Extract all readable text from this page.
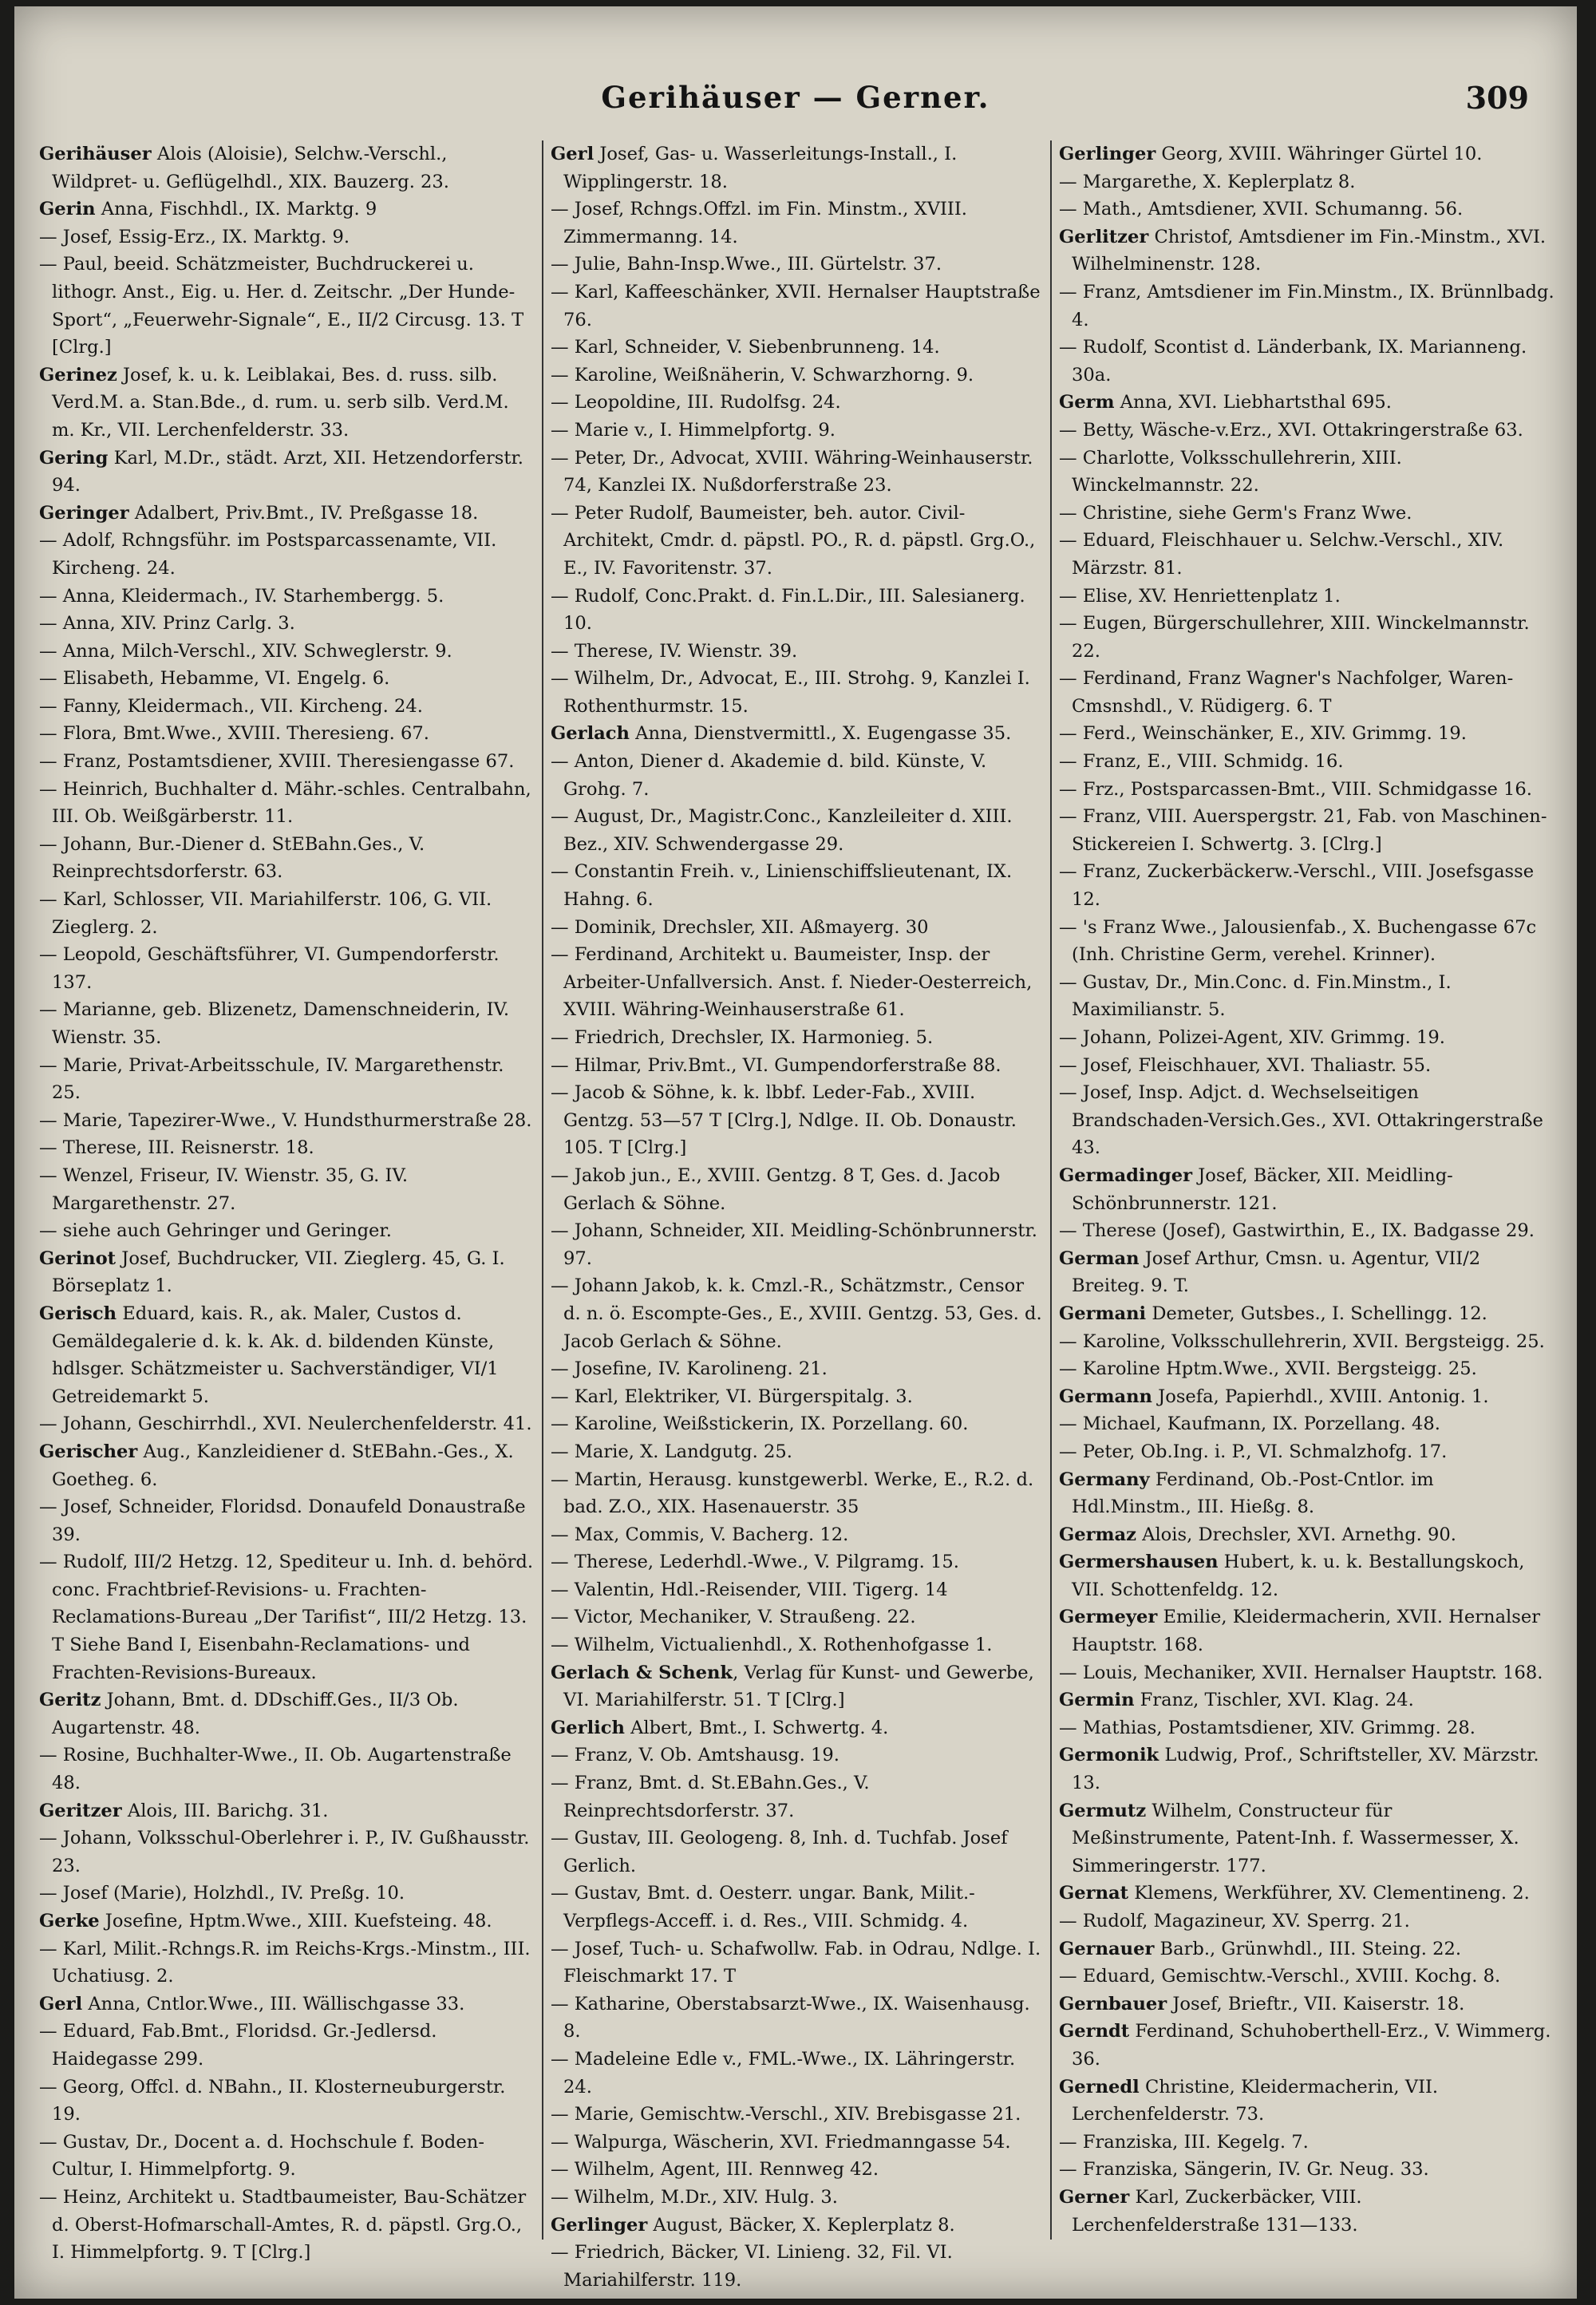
Gerihäuser — Gerner.	309

Gerihäuser Alois (Aloisie), Selchw.-Verschl., Wildpret- u. Geflügelhdl., XIX. Bauzerg. 23.

Gerin Anna, Fischhdl., IX. Marktg. 9

— Josef, Essig-Erz., IX. Marktg. 9.

— Paul, beeid. Schätzmeister, Buchdruckerei u. lithogr. Anst., Eig. u. Her. d. Zeitschr. „Der Hunde-Sport“, „Feuerwehr-Signale“, E., II/2 Circusg. 13. T [Clrg.]

Gerinez Josef, k. u. k. Leiblakai, Bes. d. russ. silb. Verd.M. a. Stan.Bde., d. rum. u. serb silb. Verd.M. m. Kr., VII. Lerchenfelderstr. 33.

Gering Karl, M.Dr., städt. Arzt, XII. Hetzendorferstr. 94.

Geringer Adalbert, Priv.Bmt., IV. Preßgasse 18.

— Adolf, Rchngsführ. im Postsparcassenamte, VII. Kircheng. 24.

— Anna, Kleidermach., IV. Starhembergg. 5.

— Anna, XIV. Prinz Carlg. 3.

— Anna, Milch-Verschl., XIV. Schweglerstr. 9.

— Elisabeth, Hebamme, VI. Engelg. 6.

— Fanny, Kleidermach., VII. Kircheng. 24.

— Flora, Bmt.Wwe., XVIII. Theresieng. 67.

— Franz, Postamtsdiener, XVIII. Theresiengasse 67.

— Heinrich, Buchhalter d. Mähr.-schles. Centralbahn, III. Ob. Weißgärberstr. 11.

— Johann, Bur.-Diener d. StEBahn.Ges., V. Reinprechtsdorferstr. 63.

— Karl, Schlosser, VII. Mariahilferstr. 106, G. VII. Zieglerg. 2.

— Leopold, Geschäftsführer, VI. Gumpendorferstr. 137.

— Marianne, geb. Blizenetz, Damenschneiderin, IV. Wienstr. 35.

— Marie, Privat-Arbeitsschule, IV. Margarethenstr. 25.

— Marie, Tapezirer-Wwe., V. Hundsthurmerstraße 28.

— Therese, III. Reisnerstr. 18.

— Wenzel, Friseur, IV. Wienstr. 35, G. IV. Margarethenstr. 27.

— siehe auch Gehringer und Geringer.

Gerinot Josef, Buchdrucker, VII. Zieglerg. 45, G. I. Börseplatz 1.

Gerisch Eduard, kais. R., ak. Maler, Custos d. Gemäldegalerie d. k. k. Ak. d. bildenden Künste, hdlsger. Schätzmeister u. Sachverständiger, VI/1 Getreidemarkt 5.

— Johann, Geschirrhdl., XVI. Neulerchenfelderstr. 41.

Gerischer Aug., Kanzleidiener d. StEBahn.-Ges., X. Goetheg. 6.

— Josef, Schneider, Floridsd. Donaufeld Donaustraße 39.

— Rudolf, III/2 Hetzg. 12, Spediteur u. Inh. d. behörd. conc. Frachtbrief-Revisions- u. Frachten-Reclamations-Bureau „Der Tarifist“, III/2 Hetzg. 13. T Siehe Band I, Eisenbahn-Reclamations- und Frachten-Revisions-Bureaux.

Geritz Johann, Bmt. d. DDschiff.Ges., II/3 Ob. Augartenstr. 48.

— Rosine, Buchhalter-Wwe., II. Ob. Augartenstraße 48.

Geritzer Alois, III. Barichg. 31.

— Johann, Volksschul-Oberlehrer i. P., IV. Gußhausstr. 23.

— Josef (Marie), Holzhdl., IV. Preßg. 10.

Gerke Josefine, Hptm.Wwe., XIII. Kuefsteing. 48.

— Karl, Milit.-Rchngs.R. im Reichs-Krgs.-Minstm., III. Uchatiusg. 2.

Gerl Anna, Cntlor.Wwe., III. Wällischgasse 33.

— Eduard, Fab.Bmt., Floridsd. Gr.-Jedlersd. Haidegasse 299.

— Georg, Offcl. d. NBahn., II. Klosterneuburgerstr. 19.

— Gustav, Dr., Docent a. d. Hochschule f. Boden-Cultur, I. Himmelpfortg. 9.

— Heinz, Architekt u. Stadtbaumeister, Bau-Schätzer d. Oberst-Hofmarschall-Amtes, R. d. päpstl. Grg.O., I. Himmelpfortg. 9. T [Clrg.]

Gerl Josef, Gas- u. Wasserleitungs-Install., I. Wipplingerstr. 18.

— Josef, Rchngs.Offzl. im Fin. Minstm., XVIII. Zimmermanng. 14.

— Julie, Bahn-Insp.Wwe., III. Gürtelstr. 37.

— Karl, Kaffeeschänker, XVII. Hernalser Hauptstraße 76.

— Karl, Schneider, V. Siebenbrunneng. 14.

— Karoline, Weißnäherin, V. Schwarzhorng. 9.

— Leopoldine, III. Rudolfsg. 24.

— Marie v., I. Himmelpfortg. 9.

— Peter, Dr., Advocat, XVIII. Währing-Weinhauserstr. 74, Kanzlei IX. Nußdorferstraße 23.

— Peter Rudolf, Baumeister, beh. autor. Civil-Architekt, Cmdr. d. päpstl. PO., R. d. päpstl. Grg.O., E., IV. Favoritenstr. 37.

— Rudolf, Conc.Prakt. d. Fin.L.Dir., III. Salesianerg. 10.

— Therese, IV. Wienstr. 39.

— Wilhelm, Dr., Advocat, E., III. Strohg. 9, Kanzlei I. Rothenthurmstr. 15.

Gerlach Anna, Dienstvermittl., X. Eugengasse 35.

— Anton, Diener d. Akademie d. bild. Künste, V. Grohg. 7.

— August, Dr., Magistr.Conc., Kanzleileiter d. XIII. Bez., XIV. Schwendergasse 29.

— Constantin Freih. v., Linienschiffslieutenant, IX. Hahng. 6.

— Dominik, Drechsler, XII. Aßmayerg. 30

— Ferdinand, Architekt u. Baumeister, Insp. der Arbeiter-Unfallversich. Anst. f. Nieder-Oesterreich, XVIII. Währing-Weinhauserstraße 61.

— Friedrich, Drechsler, IX. Harmonieg. 5.

— Hilmar, Priv.Bmt., VI. Gumpendorferstraße 88.

— Jacob & Söhne, k. k. lbbf. Leder-Fab., XVIII. Gentzg. 53—57 T [Clrg.], Ndlge. II. Ob. Donaustr. 105. T [Clrg.]

— Jakob jun., E., XVIII. Gentzg. 8 T, Ges. d. Jacob Gerlach & Söhne.

— Johann, Schneider, XII. Meidling-Schönbrunnerstr. 97.

— Johann Jakob, k. k. Cmzl.-R., Schätzmstr., Censor d. n. ö. Escompte-Ges., E., XVIII. Gentzg. 53, Ges. d. Jacob Gerlach & Söhne.

— Josefine, IV. Karolineng. 21.

— Karl, Elektriker, VI. Bürgerspitalg. 3.

— Karoline, Weißstickerin, IX. Porzellang. 60.

— Marie, X. Landgutg. 25.

— Martin, Herausg. kunstgewerbl. Werke, E., R.2. d. bad. Z.O., XIX. Hasenauerstr. 35

— Max, Commis, V. Bacherg. 12.

— Therese, Lederhdl.-Wwe., V. Pilgramg. 15.

— Valentin, Hdl.-Reisender, VIII. Tigerg. 14

— Victor, Mechaniker, V. Straußeng. 22.

— Wilhelm, Victualienhdl., X. Rothenhofgasse 1.

Gerlach & Schenk, Verlag für Kunst- und Gewerbe, VI. Mariahilferstr. 51. T [Clrg.]

Gerlich Albert, Bmt., I. Schwertg. 4.

— Franz, V. Ob. Amtshausg. 19.

— Franz, Bmt. d. St.EBahn.Ges., V. Reinprechtsdorferstr. 37.

— Gustav, III. Geologeng. 8, Inh. d. Tuchfab. Josef Gerlich.

— Gustav, Bmt. d. Oesterr. ungar. Bank, Milit.-Verpflegs-Acceff. i. d. Res., VIII. Schmidg. 4.

— Josef, Tuch- u. Schafwollw. Fab. in Odrau, Ndlge. I. Fleischmarkt 17. T

— Katharine, Oberstabsarzt-Wwe., IX. Waisenhausg. 8.

— Madeleine Edle v., FML.-Wwe., IX. Lähringerstr. 24.

— Marie, Gemischtw.-Verschl., XIV. Brebisgasse 21.

— Walpurga, Wäscherin, XVI. Friedmanngasse 54.

— Wilhelm, Agent, III. Rennweg 42.

— Wilhelm, M.Dr., XIV. Hulg. 3.

Gerlinger August, Bäcker, X. Keplerplatz 8.

— Friedrich, Bäcker, VI. Linieng. 32, Fil. VI. Mariahilferstr. 119.

Gerlinger Georg, XVIII. Währinger Gürtel 10.

— Margarethe, X. Keplerplatz 8.

— Math., Amtsdiener, XVII. Schumanng. 56.

Gerlitzer Christof, Amtsdiener im Fin.-Minstm., XVI. Wilhelminenstr. 128.

— Franz, Amtsdiener im Fin.Minstm., IX. Brünnlbadg. 4.

— Rudolf, Scontist d. Länderbank, IX. Marianneng. 30a.

Germ Anna, XVI. Liebhartsthal 695.

— Betty, Wäsche-v.Erz., XVI. Ottakringerstraße 63.

— Charlotte, Volksschullehrerin, XIII. Winckelmannstr. 22.

— Christine, siehe Germ's Franz Wwe.

— Eduard, Fleischhauer u. Selchw.-Verschl., XIV. Märzstr. 81.

— Elise, XV. Henriettenplatz 1.

— Eugen, Bürgerschullehrer, XIII. Winckelmannstr. 22.

— Ferdinand, Franz Wagner's Nachfolger, Waren-Cmsnshdl., V. Rüdigerg. 6. T

— Ferd., Weinschänker, E., XIV. Grimmg. 19.

— Franz, E., VIII. Schmidg. 16.

— Frz., Postsparcassen-Bmt., VIII. Schmidgasse 16.

— Franz, VIII. Auerspergstr. 21, Fab. von Maschinen-Stickereien I. Schwertg. 3. [Clrg.]

— Franz, Zuckerbäckerw.-Verschl., VIII. Josefsgasse 12.

— 's Franz Wwe., Jalousienfab., X. Buchengasse 67c (Inh. Christine Germ, verehel. Krinner).

— Gustav, Dr., Min.Conc. d. Fin.Minstm., I. Maximilianstr. 5.

— Johann, Polizei-Agent, XIV. Grimmg. 19.

— Josef, Fleischhauer, XVI. Thaliastr. 55.

— Josef, Insp. Adjct. d. Wechselseitigen Brandschaden-Versich.Ges., XVI. Ottakringerstraße 43.

Germadinger Josef, Bäcker, XII. Meidling-Schönbrunnerstr. 121.

— Therese (Josef), Gastwirthin, E., IX. Badgasse 29.

German Josef Arthur, Cmsn. u. Agentur, VII/2 Breiteg. 9. T.

Germani Demeter, Gutsbes., I. Schellingg. 12.

— Karoline, Volksschullehrerin, XVII. Bergsteigg. 25.

— Karoline Hptm.Wwe., XVII. Bergsteigg. 25.

Germann Josefa, Papierhdl., XVIII. Antonig. 1.

— Michael, Kaufmann, IX. Porzellang. 48.

— Peter, Ob.Ing. i. P., VI. Schmalzhofg. 17.

Germany Ferdinand, Ob.-Post-Cntlor. im Hdl.Minstm., III. Hießg. 8.

Germaz Alois, Drechsler, XVI. Arnethg. 90.

Germershausen Hubert, k. u. k. Bestallungskoch, VII. Schottenfeldg. 12.

Germeyer Emilie, Kleidermacherin, XVII. Hernalser Hauptstr. 168.

— Louis, Mechaniker, XVII. Hernalser Hauptstr. 168.

Germin Franz, Tischler, XVI. Klag. 24.

— Mathias, Postamtsdiener, XIV. Grimmg. 28.

Germonik Ludwig, Prof., Schriftsteller, XV. Märzstr. 13.

Germutz Wilhelm, Constructeur für Meßinstrumente, Patent-Inh. f. Wassermesser, X. Simmeringerstr. 177.

Gernat Klemens, Werkführer, XV. Clementineng. 2.

— Rudolf, Magazineur, XV. Sperrg. 21.

Gernauer Barb., Grünwhdl., III. Steing. 22.

— Eduard, Gemischtw.-Verschl., XVIII. Kochg. 8.

Gernbauer Josef, Brieftr., VII. Kaiserstr. 18.

Gerndt Ferdinand, Schuhoberthell-Erz., V. Wimmerg. 36.

Gernedl Christine, Kleidermacherin, VII. Lerchenfelderstr. 73.

— Franziska, III. Kegelg. 7.

— Franziska, Sängerin, IV. Gr. Neug. 33.

Gerner Karl, Zuckerbäcker, VIII. Lerchenfelderstraße 131—133.
